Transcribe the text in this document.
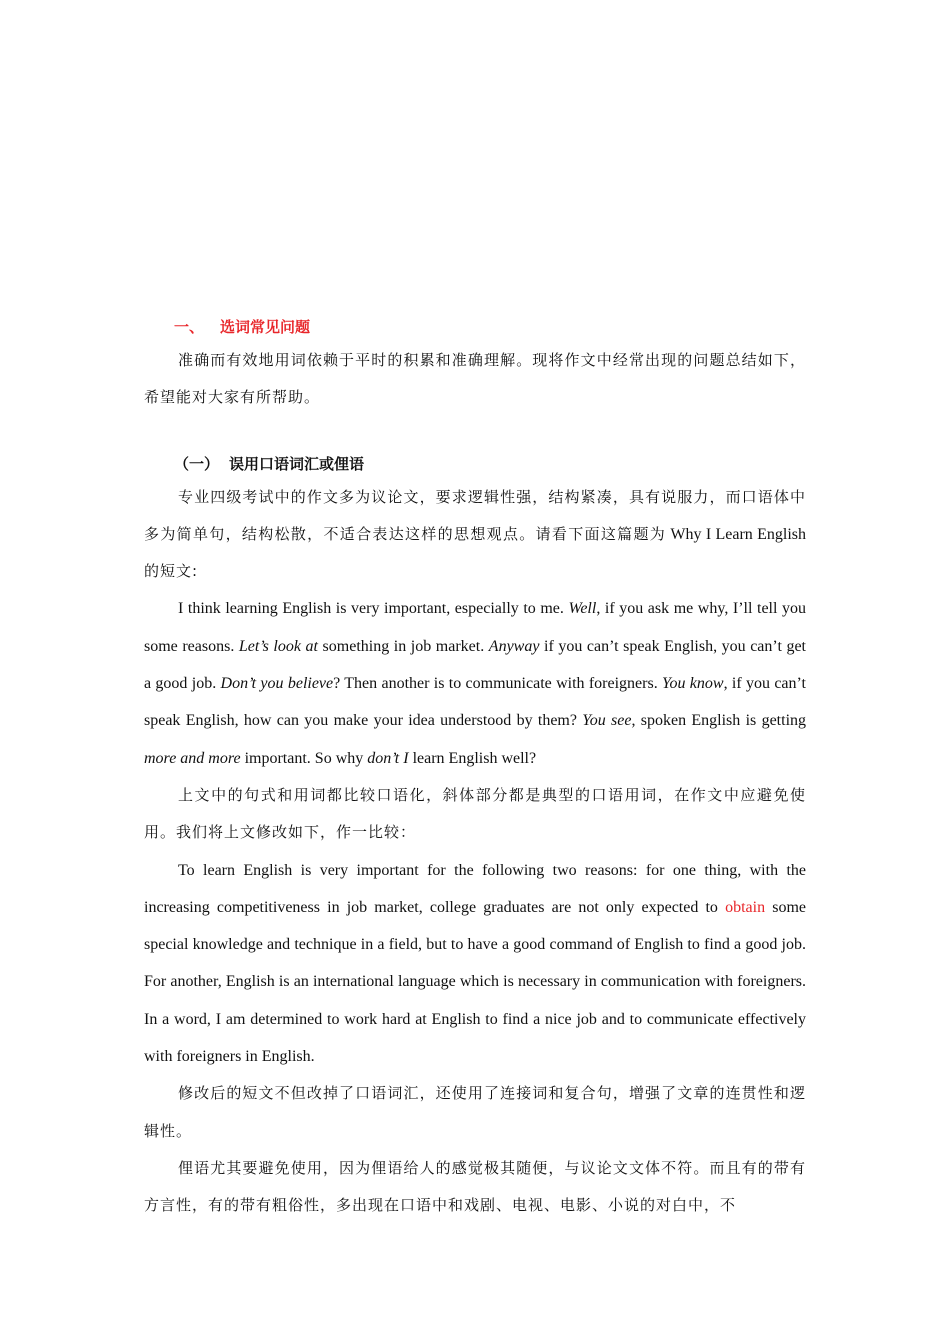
一、 选词常见问题

准确而有效地用词依赖于平时的积累和准确理解。现将作文中经常出现的问题总结如下，希望能对大家有所帮助。

（一） 误用口语词汇或俚语

专业四级考试中的作文多为议论文，要求逻辑性强，结构紧凑，具有说服力，而口语体中多为简单句，结构松散，不适合表达这样的思想观点。请看下面这篇题为 Why I Learn English 的短文:

I think learning English is very important, especially to me. Well, if you ask me why, I’ll tell you some reasons. Let’s look at something in job market. Anyway if you can’t speak English, you can’t get a good job. Don’t you believe? Then another is to communicate with foreigners. You know, if you can’t speak English, how can you make your idea understood by them? You see, spoken English is getting more and more important. So why don’t I learn English well?

上文中的句式和用词都比较口语化，斜体部分都是典型的口语用词，在作文中应避免使用。我们将上文修改如下，作一比较：

To learn English is very important for the following two reasons: for one thing, with the increasing competitiveness in job market, college graduates are not only expected to obtain some special knowledge and technique in a field, but to have a good command of English to find a good job. For another, English is an international language which is necessary in communication with foreigners. In a word, I am determined to work hard at English to find a nice job and to communicate effectively with foreigners in English.

修改后的短文不但改掉了口语词汇，还使用了连接词和复合句，增强了文章的连贯性和逻辑性。

俚语尤其要避免使用，因为俚语给人的感觉极其随便，与议论文文体不符。而且有的带有方言性，有的带有粗俗性，多出现在口语中和戏剧、电视、电影、小说的对白中，不
